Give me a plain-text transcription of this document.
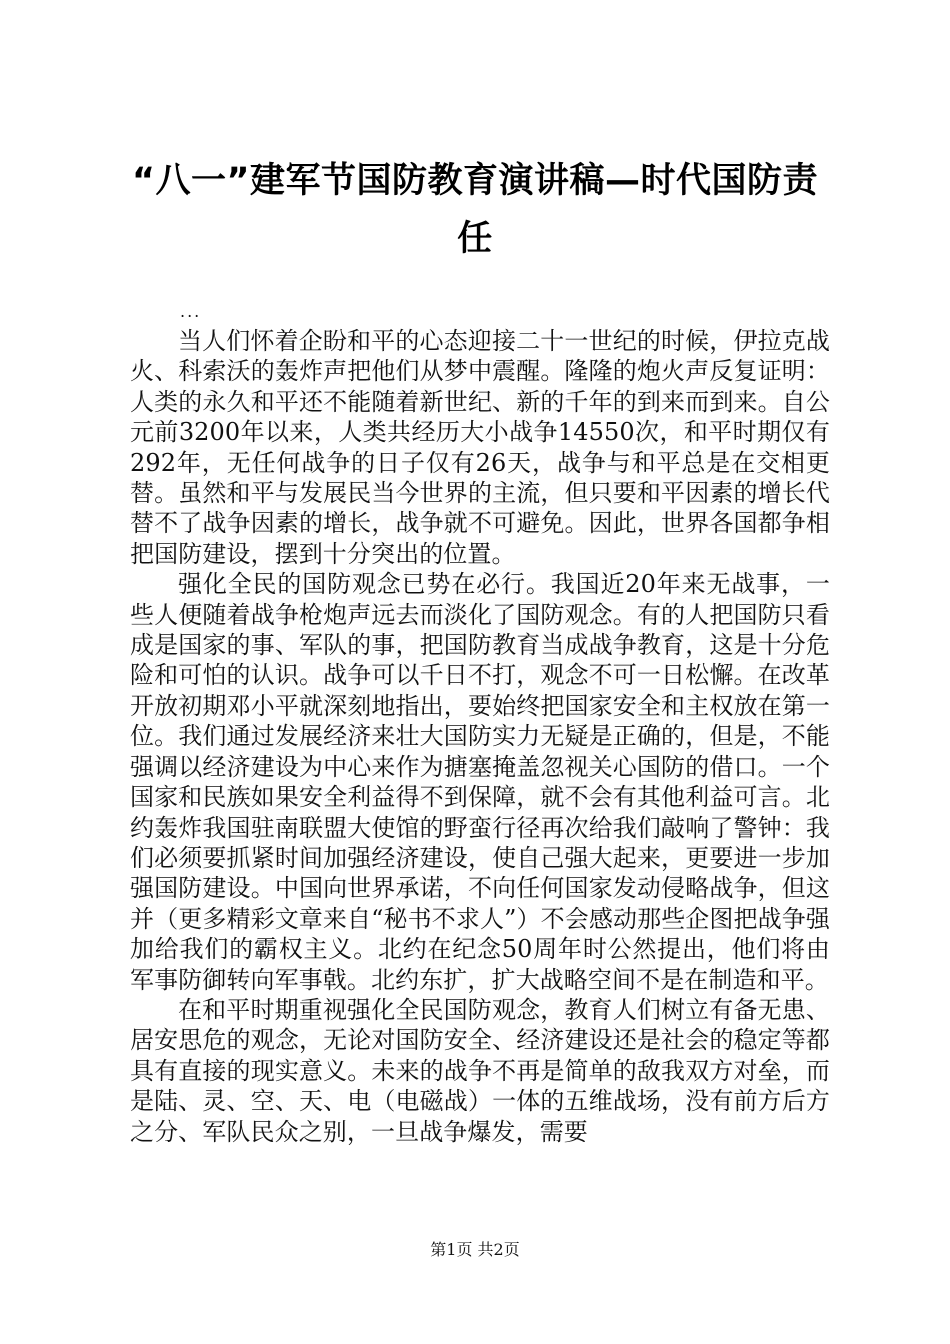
“八一”建军节国防教育演讲稿—时代国防责任
...

当人们怀着企盼和平的心态迎接二十一世纪的时候，伊拉克战火、科索沃的轰炸声把他们从梦中震醒。隆隆的炮火声反复证明：人类的永久和平还不能随着新世纪、新的千年的到来而到来。自公元前3200年以来，人类共经历大小战争14550次，和平时期仅有292年，无任何战争的日子仅有26天，战争与和平总是在交相更替。虽然和平与发展民当今世界的主流，但只要和平因素的增长代替不了战争因素的增长，战争就不可避免。因此，世界各国都争相把国防建设，摆到十分突出的位置。

强化全民的国防观念已势在必行。我国近20年来无战事，一些人便随着战争枪炮声远去而淡化了国防观念。有的人把国防只看成是国家的事、军队的事，把国防教育当成战争教育，这是十分危险和可怕的认识。战争可以千日不打，观念不可一日松懈。在改革开放初期邓小平就深刻地指出，要始终把国家安全和主权放在第一位。我们通过发展经济来壮大国防实力无疑是正确的，但是，不能强调以经济建设为中心来作为搪塞掩盖忽视关心国防的借口。一个国家和民族如果安全利益得不到保障，就不会有其他利益可言。北约轰炸我国驻南联盟大使馆的野蛮行径再次给我们敲响了警钟：我们必须要抓紧时间加强经济建设，使自己强大起来，更要进一步加强国防建设。中国向世界承诺，不向任何国家发动侵略战争，但这并（更多精彩文章来自“秘书不求人”）不会感动那些企图把战争强加给我们的霸权主义。北约在纪念50周年时公然提出，他们将由军事防御转向军事戟。北约东扩，扩大战略空间不是在制造和平。

在和平时期重视强化全民国防观念，教育人们树立有备无患、居安思危的观念，无论对国防安全、经济建设还是社会的稳定等都具有直接的现实意义。未来的战争不再是简单的敌我双方对垒，而是陆、灵、空、天、电（电磁战）一体的五维战场，没有前方后方之分、军队民众之别，一旦战争爆发，需要

第1页 共2页
